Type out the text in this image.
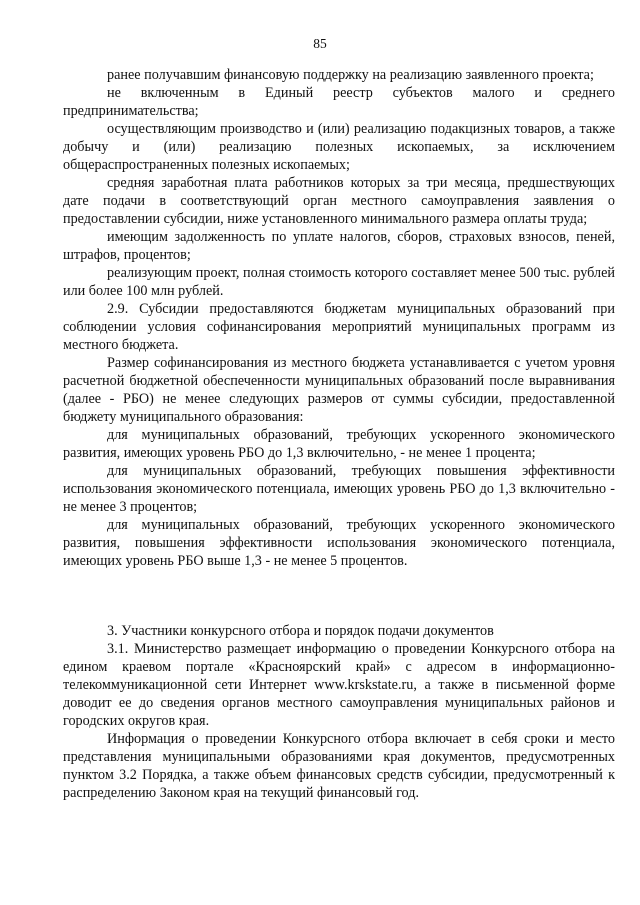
85

ранее получавшим финансовую поддержку на реализацию заявленного проекта;

не включенным в Единый реестр субъектов малого и среднего предпринимательства;

осуществляющим производство и (или) реализацию подакцизных товаров, а также добычу и (или) реализацию полезных ископаемых, за исключением общераспространенных полезных ископаемых;

средняя заработная плата работников которых за три месяца, предшествующих дате подачи в соответствующий орган местного самоуправления заявления о предоставлении субсидии, ниже установленного минимального размера оплаты труда;

имеющим задолженность по уплате налогов, сборов, страховых взносов, пеней, штрафов, процентов;

реализующим проект, полная стоимость которого составляет менее 500 тыс. рублей или более 100 млн рублей.

2.9. Субсидии предоставляются бюджетам муниципальных образований при соблюдении условия софинансирования мероприятий муниципальных программ из местного бюджета.

Размер софинансирования из местного бюджета устанавливается с учетом уровня расчетной бюджетной обеспеченности муниципальных образований после выравнивания (далее - РБО) не менее следующих размеров от суммы субсидии, предоставленной бюджету муниципального образования:

для муниципальных образований, требующих ускоренного экономического развития, имеющих уровень РБО до 1,3 включительно, - не менее 1 процента;

для муниципальных образований, требующих повышения эффективности использования экономического потенциала, имеющих уровень РБО до 1,3 включительно - не менее 3 процентов;

для муниципальных образований, требующих ускоренного экономического развития, повышения эффективности использования экономического потенциала, имеющих уровень РБО выше 1,3 - не менее 5 процентов.

3. Участники конкурсного отбора и порядок подачи документов

3.1. Министерство размещает информацию о проведении Конкурсного отбора на едином краевом портале «Красноярский край» с адресом в информационно-телекоммуникационной сети Интернет www.krskstate.ru, а также в письменной форме доводит ее до сведения органов местного самоуправления муниципальных районов и городских округов края.

Информация о проведении Конкурсного отбора включает в себя сроки и место представления муниципальными образованиями края документов, предусмотренных пунктом 3.2 Порядка, а также объем финансовых средств субсидии, предусмотренный к распределению Законом края на текущий финансовый год.
